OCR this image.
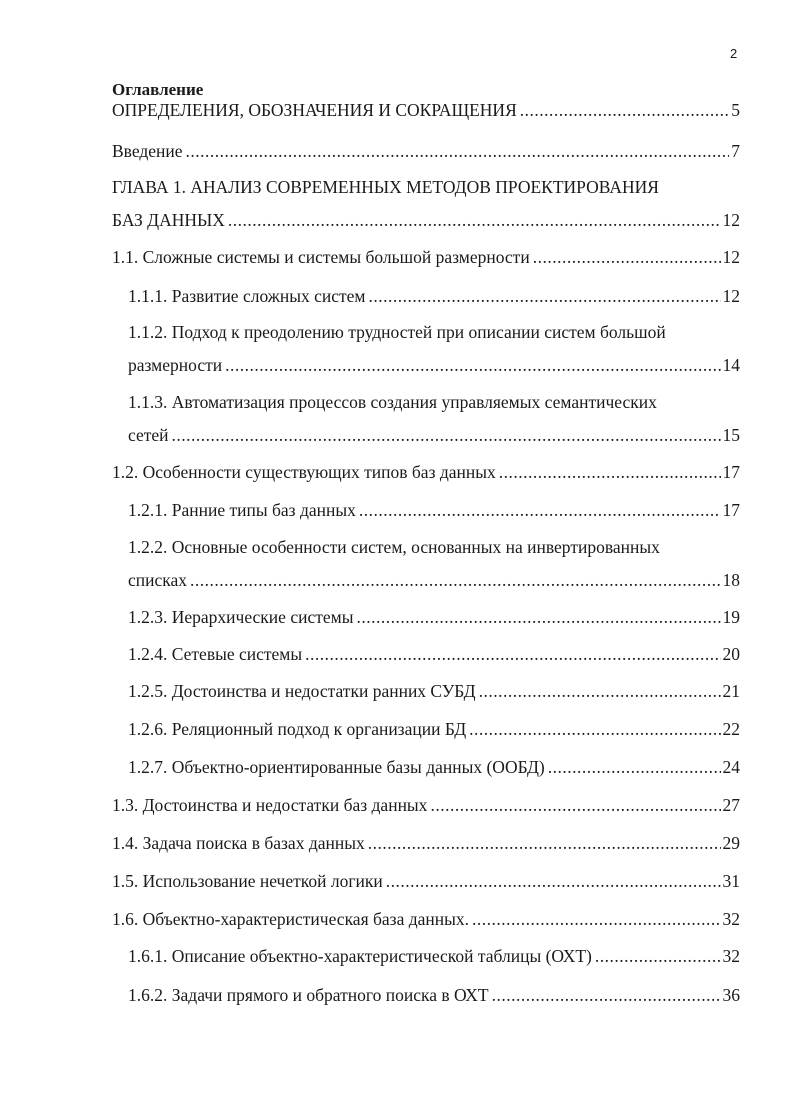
2
Оглавление
ОПРЕДЕЛЕНИЯ, ОБОЗНАЧЕНИЯ И СОКРАЩЕНИЯ .....	5
Введение .....	7
ГЛАВА 1. АНАЛИЗ СОВРЕМЕННЫХ МЕТОДОВ ПРОЕКТИРОВАНИЯ
БАЗ ДАННЫХ .....	12
1.1. Сложные системы и системы большой размерности .....	12
1.1.1. Развитие сложных систем .....	12
1.1.2. Подход к преодолению трудностей при описании систем большой
размерности .....	14
1.1.3. Автоматизация процессов создания управляемых семантических
сетей .....	15
1.2. Особенности существующих типов баз данных .....	17
1.2.1. Ранние типы баз данных .....	17
1.2.2. Основные особенности систем, основанных на инвертированных
списках .....	18
1.2.3. Иерархические системы .....	19
1.2.4. Сетевые системы .....	20
1.2.5. Достоинства и недостатки ранних СУБД .....	21
1.2.6. Реляционный подход к организации БД .....	22
1.2.7. Объектно-ориентированные базы данных (ООБД) .....	24
1.3. Достоинства и недостатки баз данных .....	27
1.4. Задача поиска в базах данных .....	29
1.5. Использование нечеткой логики .....	31
1.6. Объектно-характеристическая база данных. .....	32
1.6.1. Описание объектно-характеристической таблицы (ОХТ) .....	32
1.6.2. Задачи прямого и обратного поиска в ОХТ .....	36
